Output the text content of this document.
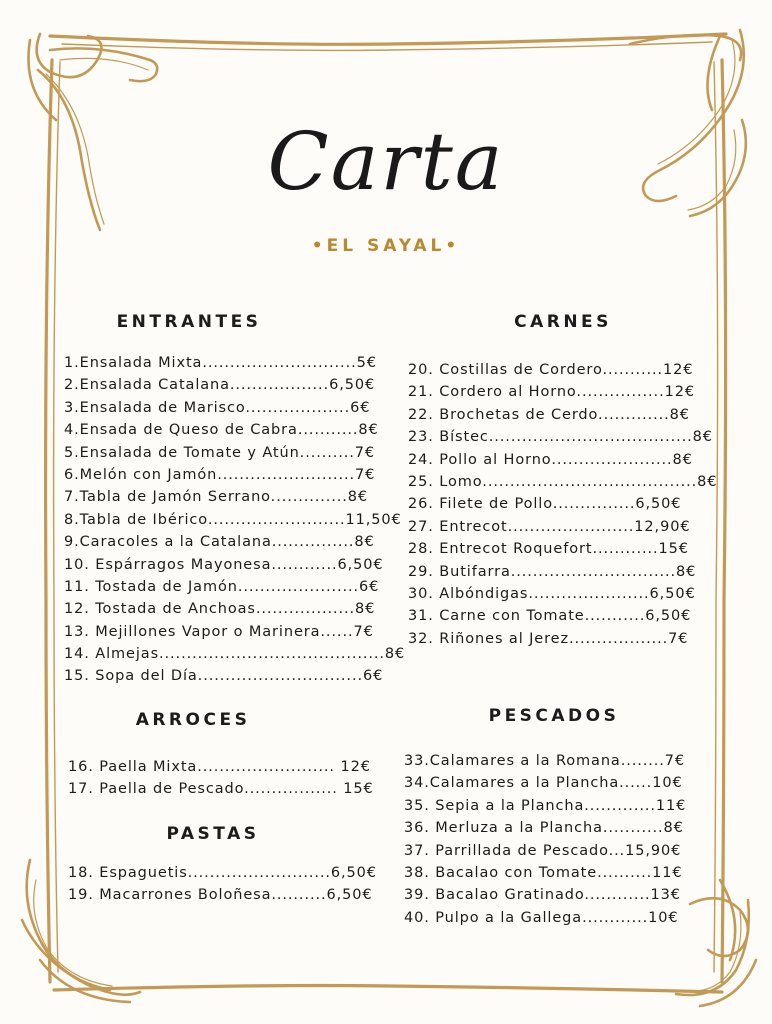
Carta
•EL SAYAL•
ENTRANTES
1.Ensalada Mixta............................5€
2.Ensalada Catalana..................6,50€
3.Ensalada de Marisco...................6€
4.Ensada de Queso de Cabra...........8€
5.Ensalada de Tomate y Atún..........7€
6.Melón con Jamón.........................7€
7.Tabla de Jamón Serrano..............8€
8.Tabla de Ibérico.........................11,50€
9.Caracoles a la Catalana...............8€
10. Espárragos Mayonesa............6,50€
11. Tostada de Jamón......................6€
12. Tostada de Anchoas..................8€
13. Mejillones Vapor o Marinera......7€
14. Almejas.........................................8€
15. Sopa del Día..............................6€
CARNES
20. Costillas de Cordero...........12€
21. Cordero al Horno................12€
22. Brochetas de Cerdo.............8€
23. Bístec.....................................8€
24. Pollo al Horno......................8€
25. Lomo.......................................8€
26. Filete de Pollo...............6,50€
27. Entrecot.......................12,90€
28. Entrecot Roquefort............15€
29. Butifarra..............................8€
30. Albóndigas......................6,50€
31. Carne con Tomate...........6,50€
32. Riñones al Jerez..................7€
ARROCES
16. Paella Mixta......................... 12€
17. Paella de Pescado................. 15€
PASTAS
18. Espaguetis..........................6,50€
19. Macarrones Boloñesa..........6,50€
PESCADOS
33.Calamares a la Romana........7€
34.Calamares a la Plancha......10€
35. Sepia a la Plancha.............11€
36. Merluza a la Plancha...........8€
37. Parrillada de Pescado...15,90€
38. Bacalao con Tomate..........11€
39. Bacalao Gratinado............13€
40. Pulpo a la Gallega............10€
